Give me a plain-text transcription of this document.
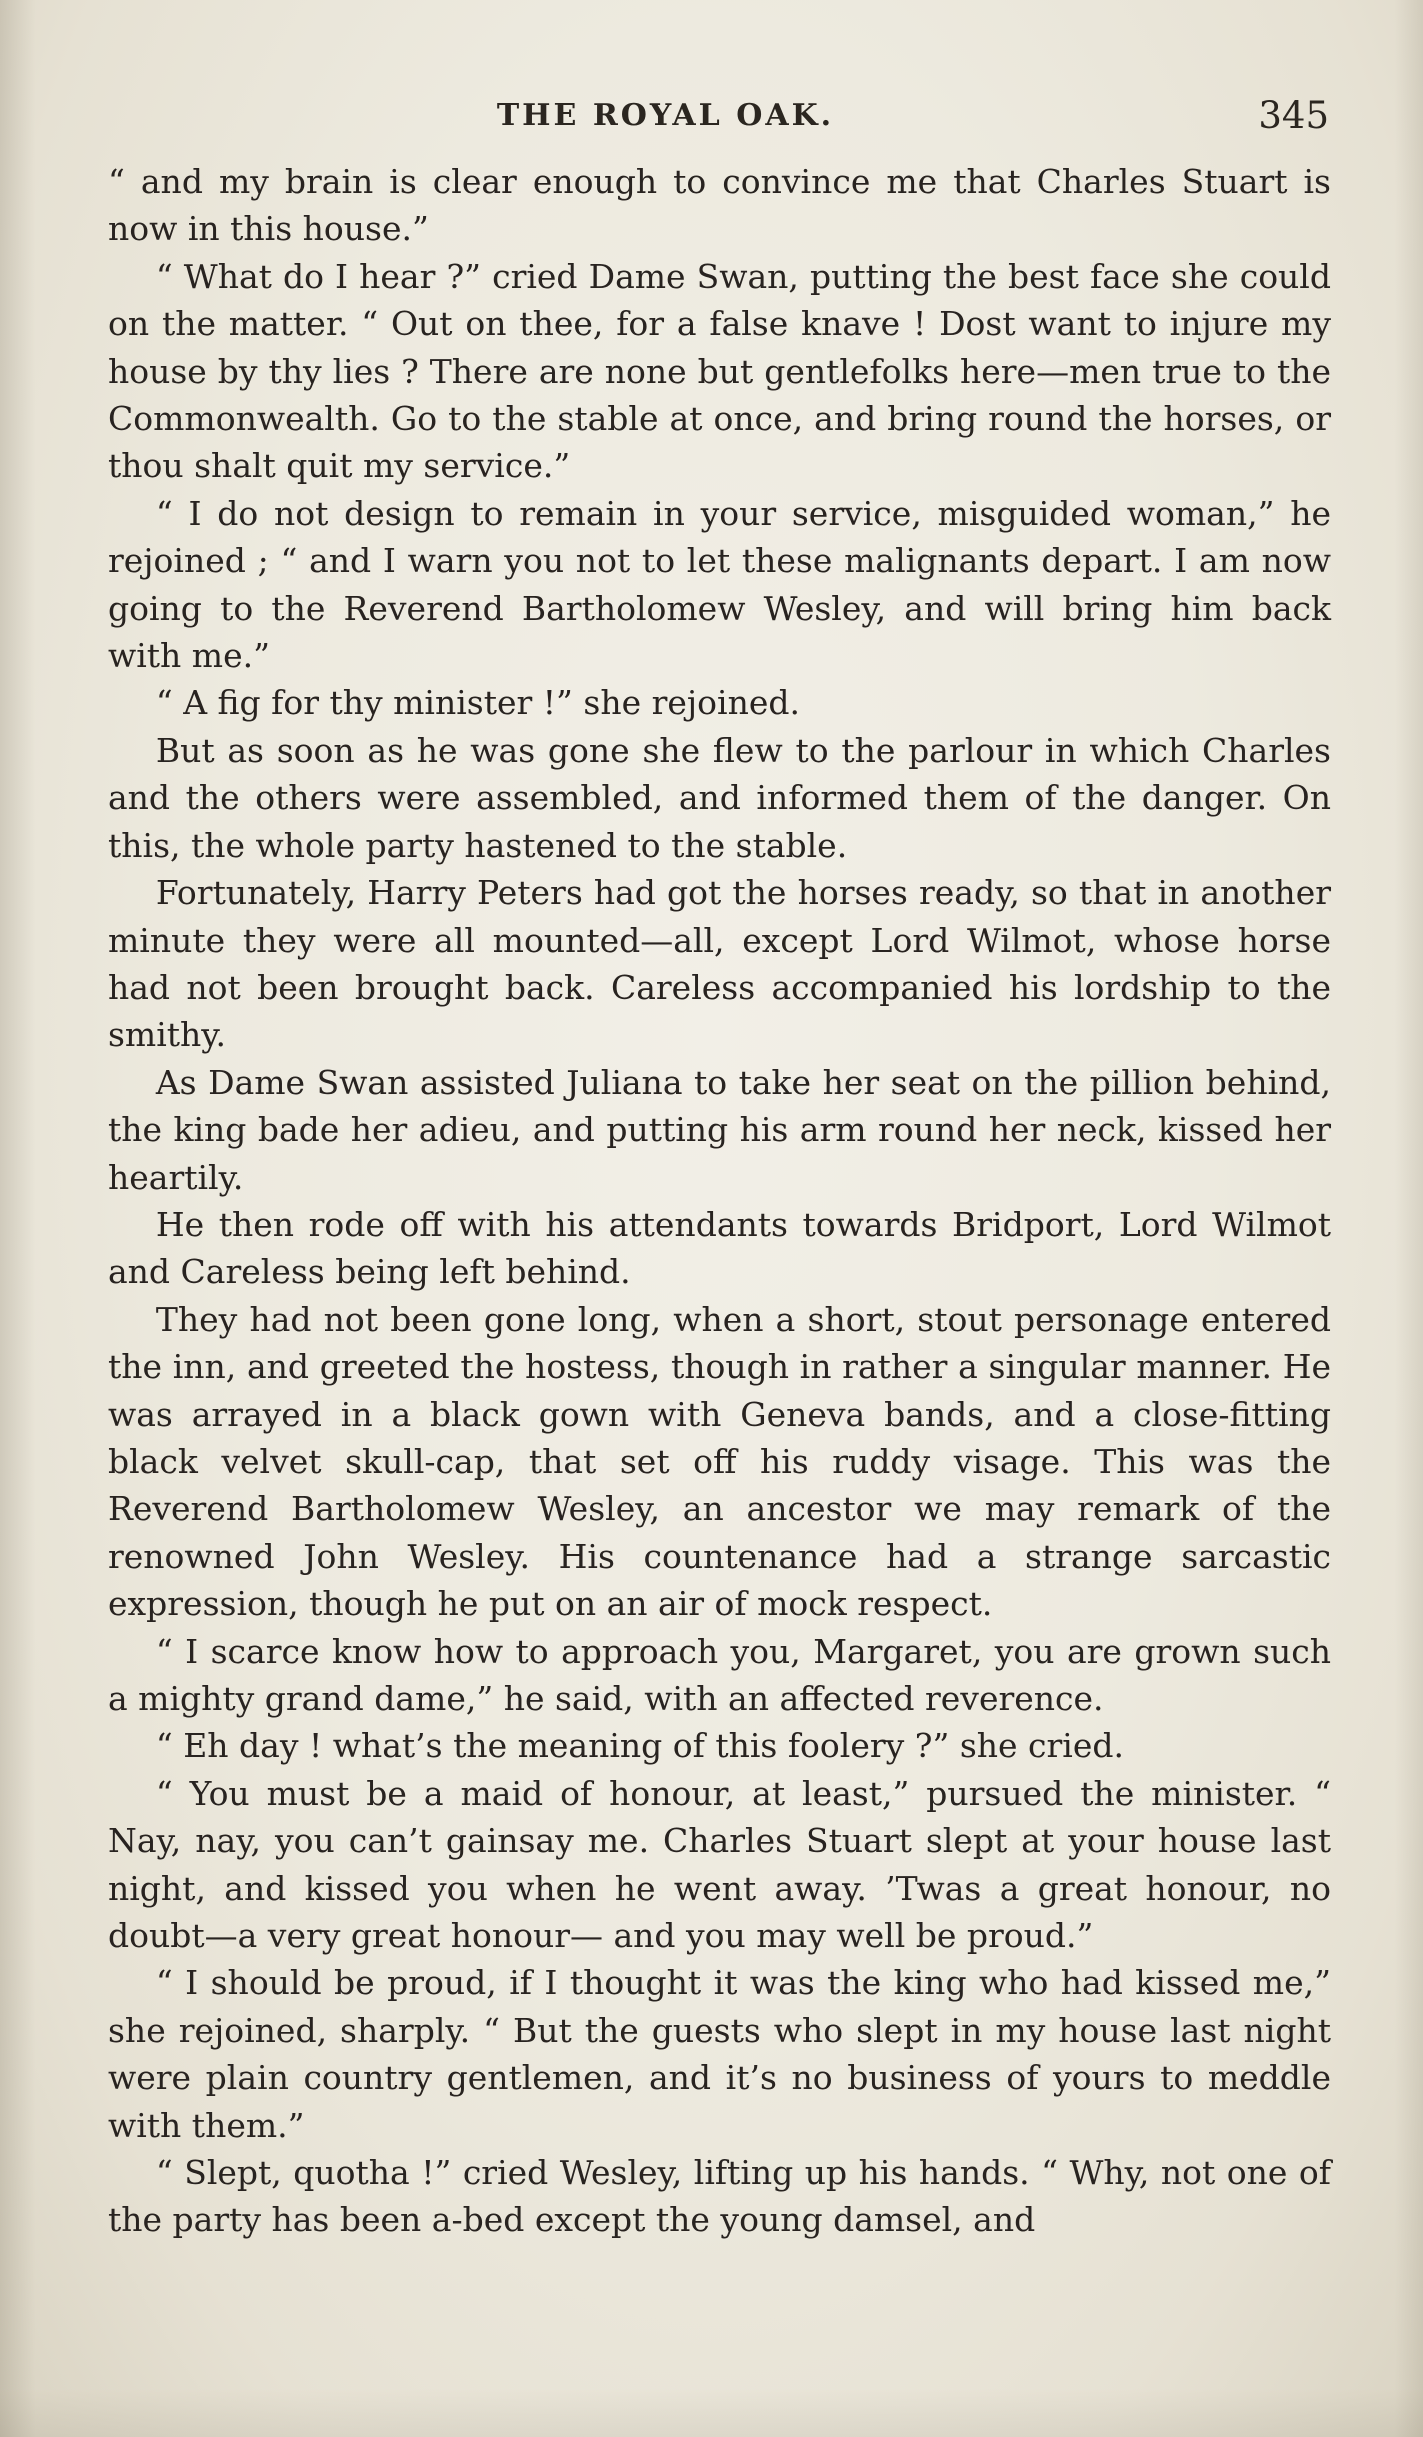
THE ROYAL OAK.	345

“ and my brain is clear enough to convince me that Charles Stuart is now in this house.”

“ What do I hear ?” cried Dame Swan, putting the best face she could on the matter. “ Out on thee, for a false knave ! Dost want to injure my house by thy lies ? There are none but gentlefolks here—men true to the Commonwealth. Go to the stable at once, and bring round the horses, or thou shalt quit my service.”

“ I do not design to remain in your service, misguided woman,” he rejoined ; “ and I warn you not to let these malignants depart. I am now going to the Reverend Bartholomew Wesley, and will bring him back with me.”

“ A fig for thy minister !” she rejoined.

But as soon as he was gone she flew to the parlour in which Charles and the others were assembled, and informed them of the danger. On this, the whole party hastened to the stable.

Fortunately, Harry Peters had got the horses ready, so that in another minute they were all mounted—all, except Lord Wilmot, whose horse had not been brought back. Careless accompanied his lordship to the smithy.

As Dame Swan assisted Juliana to take her seat on the pillion behind, the king bade her adieu, and putting his arm round her neck, kissed her heartily.

He then rode off with his attendants towards Bridport, Lord Wilmot and Careless being left behind.

They had not been gone long, when a short, stout personage entered the inn, and greeted the hostess, though in rather a singular manner. He was arrayed in a black gown with Geneva bands, and a close-fitting black velvet skull-cap, that set off his ruddy visage. This was the Reverend Bartholomew Wesley, an ancestor we may remark of the renowned John Wesley. His countenance had a strange sarcastic expression, though he put on an air of mock respect.

“ I scarce know how to approach you, Margaret, you are grown such a mighty grand dame,” he said, with an affected reverence.

“ Eh day ! what’s the meaning of this foolery ?” she cried.

“ You must be a maid of honour, at least,” pursued the minister. “ Nay, nay, you can’t gainsay me. Charles Stuart slept at your house last night, and kissed you when he went away. ’Twas a great honour, no doubt—a very great honour— and you may well be proud.”

“ I should be proud, if I thought it was the king who had kissed me,” she rejoined, sharply. “ But the guests who slept in my house last night were plain country gentlemen, and it’s no business of yours to meddle with them.”

“ Slept, quotha !” cried Wesley, lifting up his hands. “ Why, not one of the party has been a-bed except the young damsel, and
